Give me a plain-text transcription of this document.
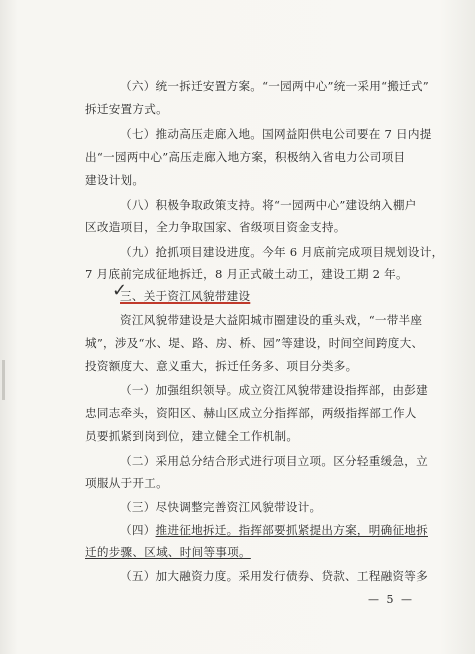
（六）统一拆迁安置方案。“一园两中心”统一采用“搬迁式”
拆迁安置方式。
（七）推动高压走廊入地。国网益阳供电公司要在 7 日内提
出“一园两中心”高压走廊入地方案，积极纳入省电力公司项目
建设计划。
（八）积极争取政策支持。将“一园两中心”建设纳入棚户
区改造项目，全力争取国家、省级项目资金支持。
（九）抢抓项目建设进度。今年 6 月底前完成项目规划设计，
7 月底前完成征地拆迁，8 月正式破土动工，建设工期 2 年。
✓
三、关于资江风貌带建设
资江风貌带建设是大益阳城市圈建设的重头戏，“一带半座
城”，涉及“水、堤、路、房、桥、园”等建设，时间空间跨度大、
投资额度大、意义重大，拆迁任务多、项目分类多。
（一）加强组织领导。成立资江风貌带建设指挥部，由彭建
忠同志牵头，资阳区、赫山区成立分指挥部，两级指挥部工作人
员要抓紧到岗到位，建立健全工作机制。
（二）采用总分结合形式进行项目立项。区分轻重缓急，立
项服从于开工。
（三）尽快调整完善资江风貌带设计。
（四）推进征地拆迁。指挥部要抓紧提出方案，明确征地拆
迁的步骤、区域、时间等事项。
（五）加大融资力度。采用发行债券、贷款、工程融资等多
— 5 —
